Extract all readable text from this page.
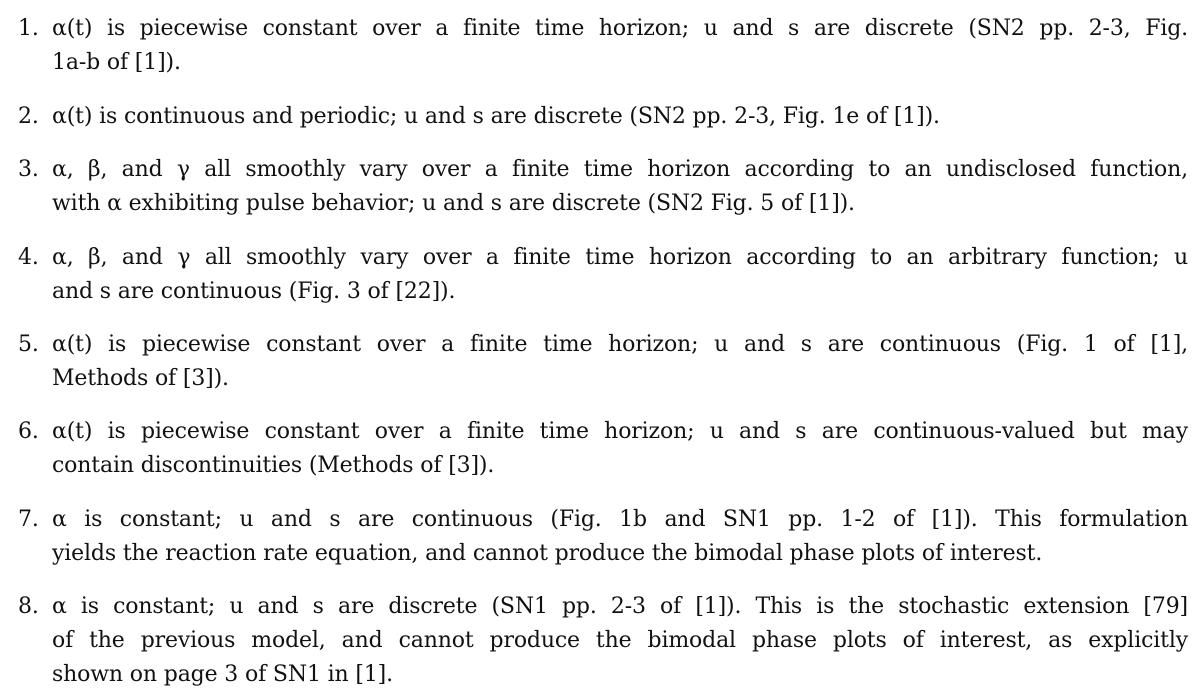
1. α(t) is piecewise constant over a finite time horizon; u and s are discrete (SN2 pp. 2-3, Fig.
1a-b of [1]).
2. α(t) is continuous and periodic; u and s are discrete (SN2 pp. 2-3, Fig. 1e of [1]).
3. α, β, and γ all smoothly vary over a finite time horizon according to an undisclosed function,
with α exhibiting pulse behavior; u and s are discrete (SN2 Fig. 5 of [1]).
4. α, β, and γ all smoothly vary over a finite time horizon according to an arbitrary function; u
and s are continuous (Fig. 3 of [22]).
5. α(t) is piecewise constant over a finite time horizon; u and s are continuous (Fig. 1 of [1],
Methods of [3]).
6. α(t) is piecewise constant over a finite time horizon; u and s are continuous-valued but may
contain discontinuities (Methods of [3]).
7. α is constant; u and s are continuous (Fig. 1b and SN1 pp. 1-2 of [1]). This formulation
yields the reaction rate equation, and cannot produce the bimodal phase plots of interest.
8. α is constant; u and s are discrete (SN1 pp. 2-3 of [1]). This is the stochastic extension [79]
of the previous model, and cannot produce the bimodal phase plots of interest, as explicitly
shown on page 3 of SN1 in [1].
